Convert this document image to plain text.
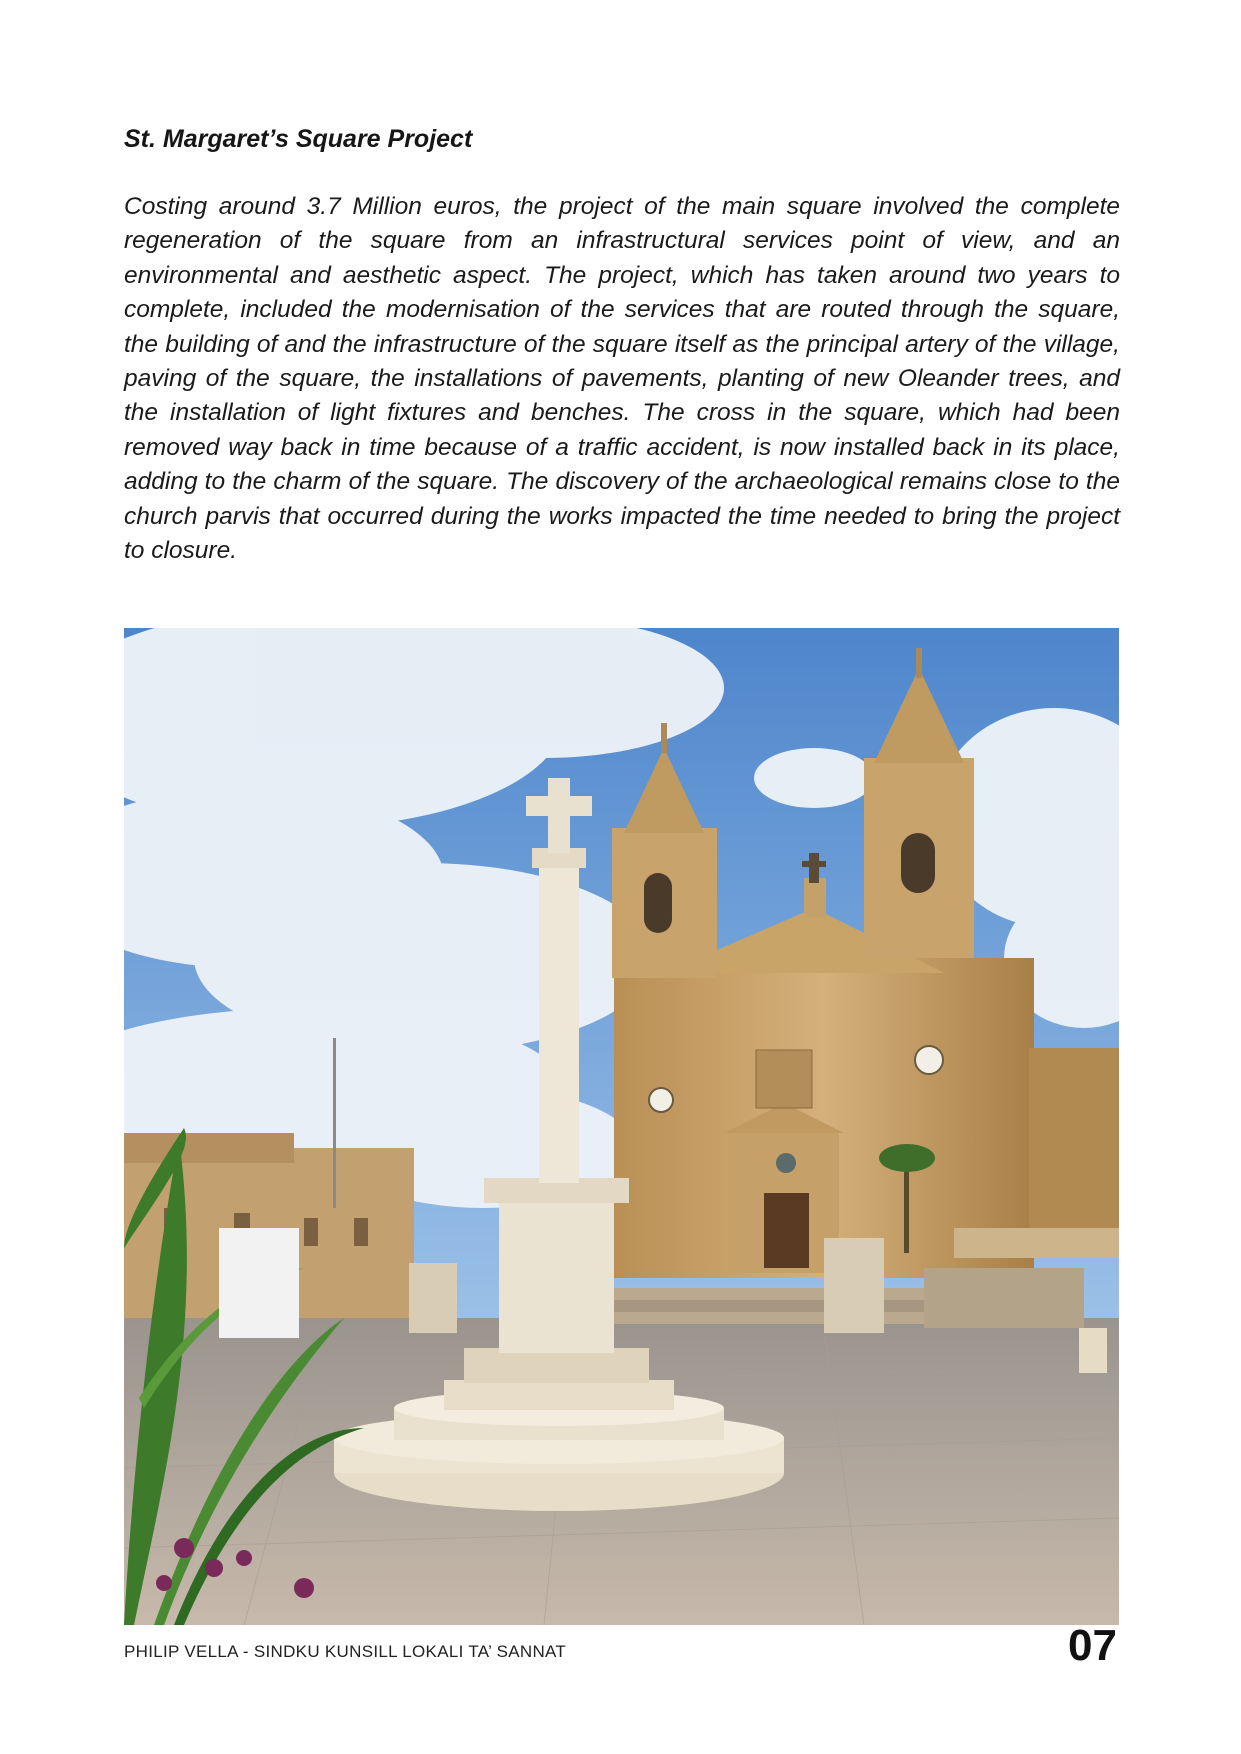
St. Margaret’s Square Project

Costing around 3.7 Million euros, the project of the main square involved the complete regeneration of the square from an infrastructural services point of view, and an environmental and aesthetic aspect. The project, which has taken around two years to complete, included the modernisation of the services that are routed through the square, the building of and the infrastructure of the square itself as the principal artery of the village, paving of the square, the installations of pavements, planting of new Oleander trees, and the installation of light fixtures and benches. The cross in the square, which had been removed way back in time because of a traffic accident, is now installed back in its place, adding to the charm of the square. The discovery of the archaeological remains close to the church parvis that occurred during the works impacted the time needed to bring the project to closure.

PHILIP VELLA - SINDKU KUNSILL LOKALI TA’ SANNAT	07
